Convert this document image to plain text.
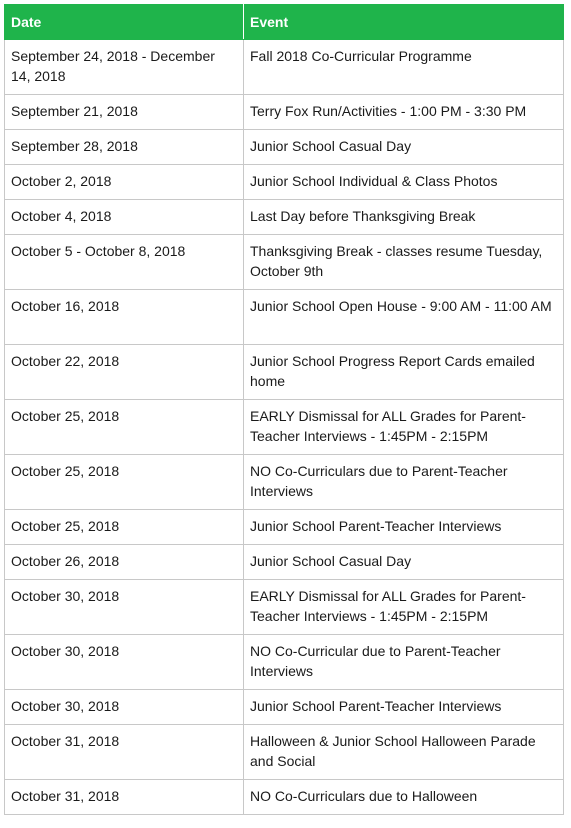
Date	Event
September 24, 2018 - December 14, 2018	Fall 2018 Co-Curricular Programme
September 21, 2018	Terry Fox Run/Activities - 1:00 PM - 3:30 PM
September 28, 2018	Junior School Casual Day
October 2, 2018	Junior School Individual & Class Photos
October 4, 2018	Last Day before Thanksgiving Break
October 5 - October 8, 2018	Thanksgiving Break - classes resume Tuesday, October 9th
October 16, 2018	Junior School Open House - 9:00 AM - 11:00 AM
October 22, 2018	Junior School Progress Report Cards emailed home
October 25, 2018	EARLY Dismissal for ALL Grades for Parent-Teacher Interviews - 1:45PM - 2:15PM
October 25, 2018	NO Co-Curriculars due to Parent-Teacher Interviews
October 25, 2018	Junior School Parent-Teacher Interviews
October 26, 2018	Junior School Casual Day
October 30, 2018	EARLY Dismissal for ALL Grades for Parent-Teacher Interviews - 1:45PM - 2:15PM
October 30, 2018	NO Co-Curricular due to Parent-Teacher Interviews
October 30, 2018	Junior School Parent-Teacher Interviews
October 31, 2018	Halloween & Junior School Halloween Parade and Social
October 31, 2018	NO Co-Curriculars due to Halloween
